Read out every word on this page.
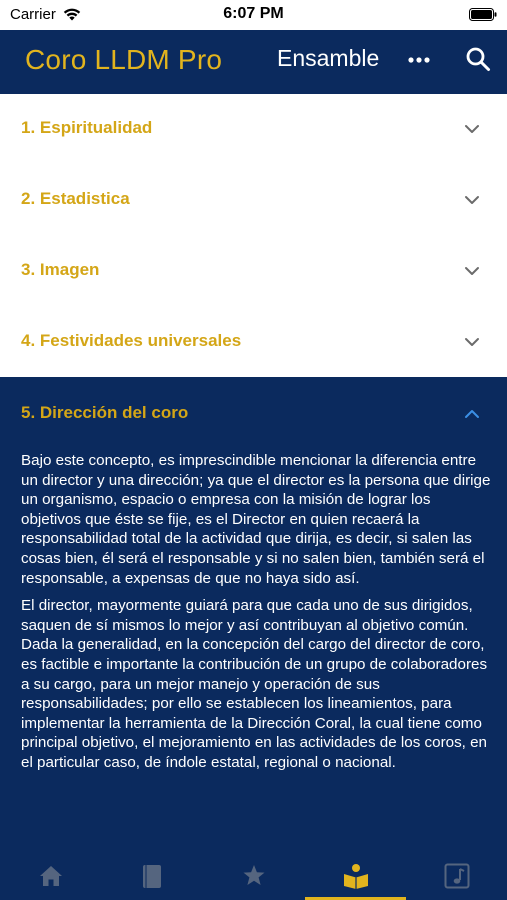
Carrier	6:07 PM
Coro LLDM Pro Ensamble
1. Espiritualidad
2. Estadistica
3. Imagen
4. Festividades universales
5. Dirección del coro

Bajo este concepto, es imprescindible mencionar la diferencia entre un director y una dirección; ya que el director es la persona que dirige un organismo, espacio o empresa con la misión de lograr los objetivos que éste se fije, es el Director en quien recaerá la responsabilidad total de la actividad que dirija, es decir, si salen las cosas bien, él será el responsable y si no salen bien, también será el responsable, a expensas de que no haya sido así.

El director, mayormente guiará para que cada uno de sus dirigidos, saquen de sí mismos lo mejor y así contribuyan al objetivo común. Dada la generalidad, en la concepción del cargo del director de coro, es factible e importante la contribución de un grupo de colaboradores a su cargo, para un mejor manejo y operación de sus responsabilidades; por ello se establecen los lineamientos, para implementar la herramienta de la Dirección Coral, la cual tiene como principal objetivo, el mejoramiento en las actividades de los coros, en el particular caso, de índole estatal, regional o nacional.
